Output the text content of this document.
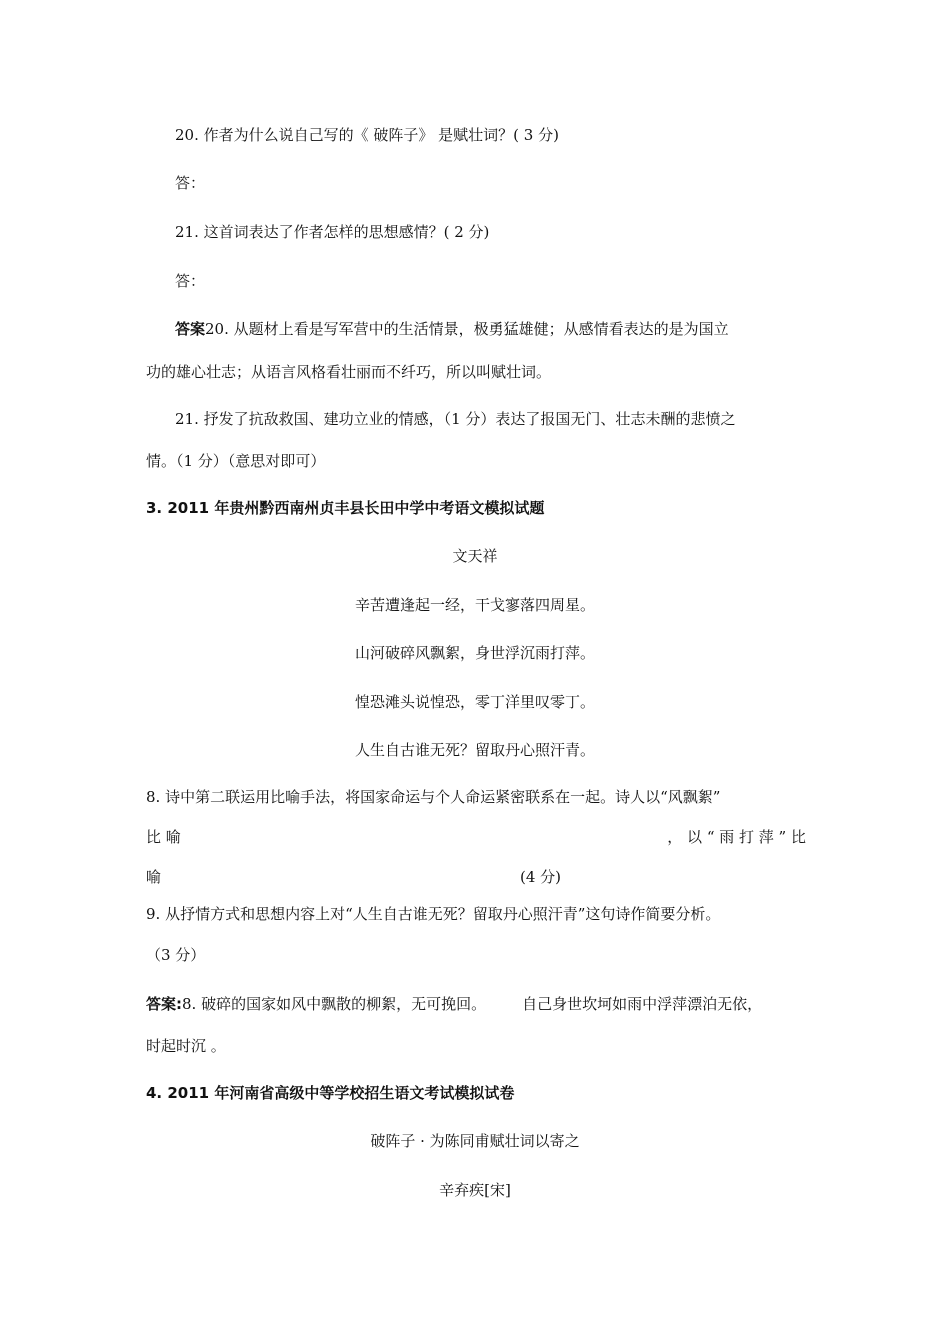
20. 作者为什么说自己写的《 破阵子》 是赋壮词？( 3 分)
答：
21. 这首词表达了作者怎样的思想感情？( 2 分)
答：
答案20. 从题材上看是写军营中的生活情景，极勇猛雄健；从感情看表达的是为国立
功的雄心壮志；从语言风格看壮丽而不纤巧，所以叫赋壮词。
21. 抒发了抗敌救国、建功立业的情感，（1 分）表达了报国无门、壮志未酬的悲愤之
情。（1 分）（意思对即可）
3. 2011 年贵州黔西南州贞丰县长田中学中考语文模拟试题
文天祥
辛苦遭逢起一经，干戈寥落四周星。
山河破碎风飘絮，身世浮沉雨打萍。
惶恐滩头说惶恐，零丁洋里叹零丁。
人生自古谁无死？留取丹心照汗青。
8. 诗中第二联运用比喻手法，将国家命运与个人命运紧密联系在一起。诗人以“风飘絮”
比 喻	， 以 “ 雨 打 萍 ” 比
喻	(4 分)
9. 从抒情方式和思想内容上对“人生自古谁无死？留取丹心照汗青”这句诗作简要分析。
（3 分）
答案:8. 破碎的国家如风中飘散的柳絮，无可挽回。 自己身世坎坷如雨中浮萍漂泊无依，
时起时沉 。
4. 2011 年河南省高级中等学校招生语文考试模拟试卷
破阵子 · 为陈同甫赋壮词以寄之
辛弃疾[宋]
